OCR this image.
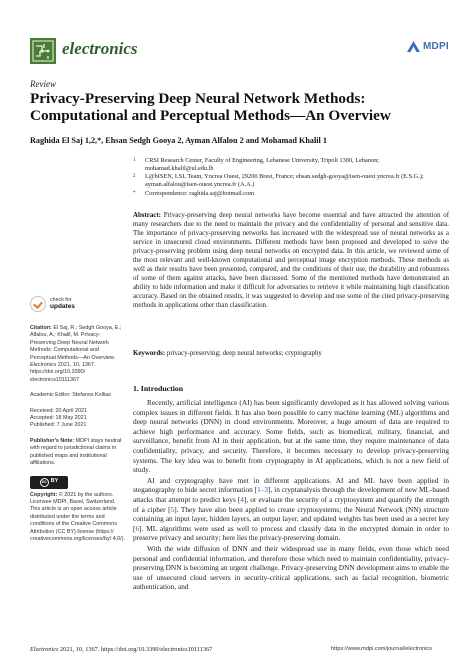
electronics	MDPI
Review
Privacy-Preserving Deep Neural Network Methods: Computational and Perceptual Methods—An Overview
Raghida El Saj 1,2,*, Ehsan Sedgh Gooya 2, Ayman Alfalou 2 and Mohamad Khalil 1
1	CRSI Research Center, Faculty of Engineering, Lebanese University, Tripoli 1300, Lebanon; mohamad.khalil@ul.edu.lb
2	L@bISEN, LSL Team, Yncrea Ouest, 29200 Brest, France; ehsan.sedgh-gooya@isen-ouest.yncrea.fr (E.S.G.); ayman.alfalou@isen-ouest.yncrea.fr (A.A.)
*	Correspondence: raghida.saj@hotmail.com
Abstract: Privacy-preserving deep neural networks have become essential and have attracted the attention of many researchers due to the need to maintain the privacy and the confidentiality of personal and sensitive data. The importance of privacy-preserving networks has increased with the widespread use of neural networks as a service in unsecured cloud environments. Different methods have been proposed and developed to solve the privacy-preserving problem using deep neural networks on encrypted data. In this article, we reviewed some of the most relevant and well-known computational and perceptual image encryption methods. These methods as well as their results have been presented, compared, and the conditions of their use, the durability and robustness of some of them against attacks, have been discussed. Some of the mentioned methods have demonstrated an ability to hide information and make it difficult for adversaries to retrieve it while maintaining high classification accuracy. Based on the obtained results, it was suggested to develop and use some of the cited privacy-preserving methods in applications other than classification.
Keywords: privacy-preserving; deep neural networks; cryptography
check for
updates
Citation: El Saj, R.; Sedgh Gooya, E.; Alfalou, A.; Khalil, M. Privacy-Preserving Deep Neural Network Methods: Computational and Perceptual Methods—An Overview. Electronics 2021, 10, 1367. https://doi.org/10.3390/ electronics10111367
Academic Editor: Stefanos Kollias
Received: 20 April 2021
Accepted: 18 May 2021
Published: 7 June 2021
Publisher's Note: MDPI stays neutral with regard to jurisdictional claims in published maps and institutional affiliations.
cc BY
Copyright: © 2021 by the authors. Licensee MDPI, Basel, Switzerland. This article is an open access article distributed under the terms and conditions of the Creative Commons Attribution (CC BY) license (https:// creativecommons.org/licenses/by/ 4.0/).
1. Introduction

Recently, artificial intelligence (AI) has been significantly developed as it has allowed solving various complex issues in different fields. It has also been possible to carry machine learning (ML) algorithms and deep neural networks (DNN) in cloud environments. Moreover, a huge amount of data are required to achieve high performance and accuracy. Some fields, such as biomedical, military, financial, and surveillance, benefit from AI in their application, but at the same time, they require maintenance of data confidentiality, privacy, and security. Therefore, it becomes necessary to develop privacy-preserving systems. The key idea was to benefit from cryptography in AI applications, which is not a new field of study.

AI and cryptography have met in different applications. AI and ML have been applied in steganography to hide secret information [1–3], in cryptanalysis through the development of new ML-based attacks that attempt to predict keys [4], or evaluate the security of a cryptosystem and quantify the strength of a cipher [5]. They have also been applied to create cryptosystems; the Neural Network (NN) structure containing an input layer, hidden layers, an output layer, and updated weights has been used as a secret key [6]. ML algorithms were used as well to process and classify data in the encrypted domain in order to preserve privacy and security; here lies the privacy-preserving domain.

With the wide diffusion of DNN and their widespread use in many fields, even those which need personal and confidential information, and therefore those which need to maintain confidentiality, privacy-preserving DNN is becoming an urgent challenge. Privacy-preserving DNN development aims to enable the use of unsecured cloud servers in security-critical applications, such as facial recognition, biometric authentication, and

Electronics 2021, 10, 1367. https://doi.org/10.3390/electronics10111367	https://www.mdpi.com/journal/electronics
